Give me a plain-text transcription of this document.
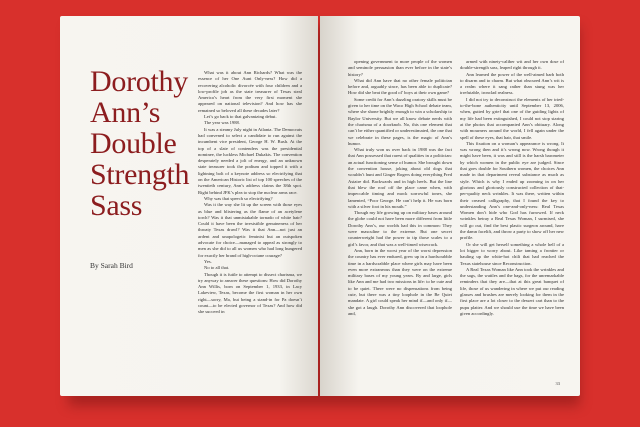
Dorothy Ann’s Double Strength Sass
By Sarah Bird

What was it about Ann Richards? What was the essence of her One Aunt Only-ness? How did a recovering alcoholic divorcée with four children and a low-profile job as the state treasurer of Texas steal America’s heart from the very first moment she appeared on national television? And how has she remained so beloved all these decades later?

Let’s go back to that galvanizing debut.

The year was 1988.

It was a steamy July night in Atlanta. The Democrats had convened to select a candidate to run against the incumbent vice president, George H. W. Bush. At the top of a slate of contenders was the presidential nominee, the luckless Michael Dukakis. The convention desperately needed a jolt of energy, and an unknown state treasurer took the podium and topped it with a lightning bolt of a keynote address so electrifying that on the American Historic list of top 100 speeches of the twentieth century, Ann’s address claims the 38th spot. Right behind JFK’s plea to stop the nuclear arms race.

Why was that speech so electrifying?

Was it the way she lit up the screen with those eyes as blue and blistering as the flame of an acetylene torch? Was it that unmistakable tornado of white hair? Could it have been the irresistible genuineness of her throaty Texas drawl? Was it that Ann—not just an ardent and unapologetic feminist but an outspoken advocate for choice—managed to appeal as strongly to men as she did to all us women who had long hungered for exactly her brand of high-octane courage?

Yes.

No to all that.

Though it is futile to attempt to dissect charisma, we try anyway to answer these questions: How did Dorothy Ann Willis, born on September 1, 1933, in Lacy Lakeview, Texas, become the first woman in her own right—sorry, Ma, but being a stand-in for Pa doesn’t count—to be elected governor of Texas? And how did she succeed in

opening government to more people of the women and seminole persuasion than ever before in the state’s history?

What did Ann have that no other female politician before and, arguably since, has been able to duplicate? How did she beat the good ol’ boys at their own game?

Some credit for Ann’s dazzling oratory skills must be given to her time on the Waco High School debate team, where she shone brightly enough to win a scholarship to Baylor University. But we all know debate nerds with the charisma of a doorknob. No, this one element that can’t be either quantified or underestimated, the one that we celebrate in these pages, is the magic of Ann’s humor.

What truly won us over back in 1988 was the fact that Ann possessed that rarest of qualities in a politician: an actual functioning sense of humor. She brought down the convention house, joking about old dogs that wouldn’t hunt and Ginger Rogers doing everything Fred Astaire did. Backwards and in high heels. But the line that blew the roof off the place came when, with impeccable timing and mock sorrowful tones, she lamented, “Poor George. He can’t help it. He was born with a silver foot in his mouth.”

Though my life growing up on military bases around the globe could not have been more different from little Dorothy Ann’s, our worlds had this in common: They were masculine to the extreme. But one secret counterweight had the power to tip those scales to a girl’s favor, and that was a well-timed wisecrack.

Ann, born in the worst year of the worst depression the country has ever endured, grew up in a hardscrabble time in a hardscrabble place where girls may have been even more extraneous than they were on the extreme military bases of my young years. By and large, girls like Ann and me had two missions in life: to be cute and to be quiet. There were no dispensations from being cute, but there was a tiny loophole in the Be Quiet mandate. A girl could speak her mind if—and only if—she got a laugh. Dorothy Ann discovered that loophole and,

armed with ninety-caliber wit and her own dose of double-strength sass, leaped right through it.

Ann learned the power of the well-aimed barb both to disarm and to charm. But what obscured Ann’s wit is a realm where it sang rather than stung was her irrefutable, ironclad realness.

I did not try to deconstruct the elements of her tried-to-the-bone authenticity until September 13, 2006, when, gutted by grief that one of the guiding lights of my life had been extinguished, I could not stop staring at the photos that accompanied Ann’s obituary. Along with mourners around the world, I fell again under the spell of these eyes, that hair, that smile.

This fixation on a woman’s appearance is wrong. It was wrong then and it’s wrong now. Wrong though it might have been, it was and still is the harsh barometer by which women in the public eye are judged. Since that goes double for Southern women, the choices Ann made in that department reveal substance as much as style. Which is why I ended up zooming in on her glorious and gloriously constructed collection of that-per-quality neck wrinkles. It was there, written within their creased calligraphy, that I found the key to understanding Ann’s one-and-only-ness: Real Texas Women don’t hide who God has furrowed. If neck wrinkles betray a Real Texas Woman, I surmised, she will go out, find the best plastic surgeon around, have the damn facelift, and throw a party to show off her new profile.

Or she will get herself something a whole hell of a lot bigger to worry about. Like taming a frontier or hauling up the white-hot chili that had reached the Texas statehouse since Reconstruction.

A Real Texas Woman like Ann took the wrinkles and the sags, the wattles and the bags, for the unremarkable reminders that they are—that at this great banquet of life, those of us wandering in where we put our reading glasses and brushes are merely looking for them in the first place are a lot closer to the dessert cart than to the pupu platter. And we should use the time we have been given accordingly.

33
